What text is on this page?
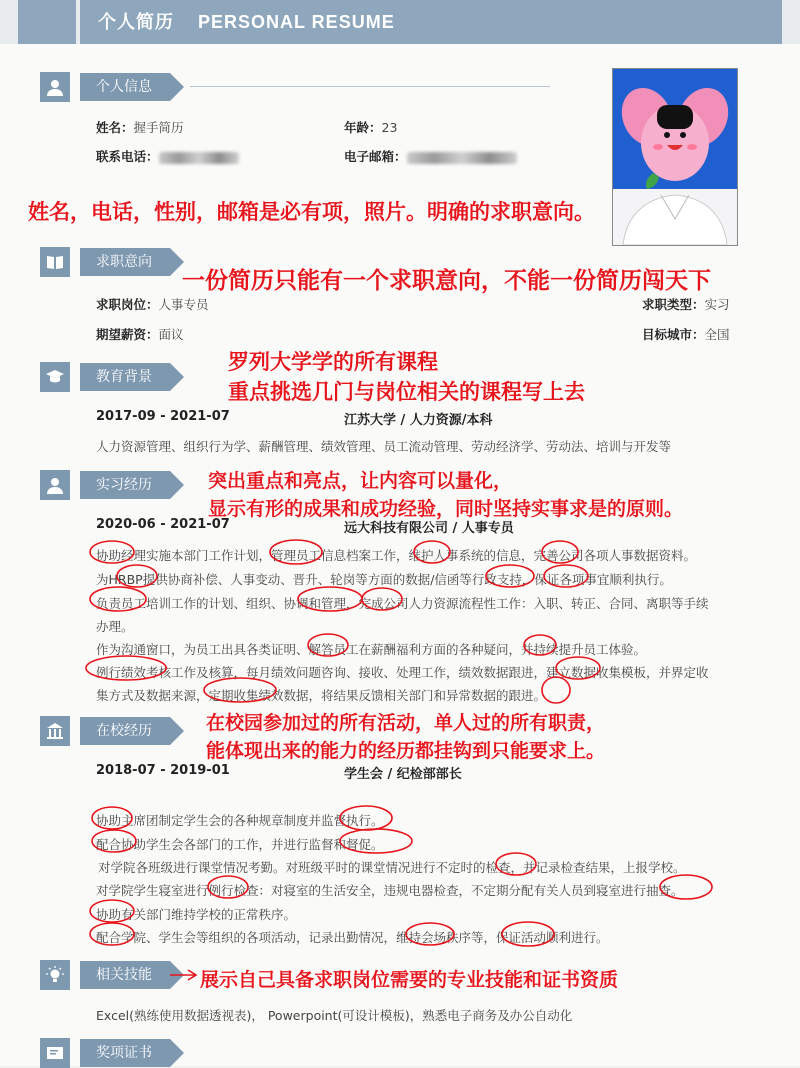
个人简历 PERSONAL RESUME
个人信息
姓名：握手简历	年龄：23
联系电话：	电子邮箱：
求职意向
求职岗位：人事专员	求职类型：实习
期望薪资：面议	目标城市：全国
教育背景
2017-09 - 2021-07	江苏大学 / 人力资源/本科
人力资源管理、组织行为学、薪酬管理、绩效管理、员工流动管理、劳动经济学、劳动法、培训与开发等
实习经历
2020-06 - 2021-07	远大科技有限公司 / 人事专员
协助经理实施本部门工作计划，管理员工信息档案工作，维护人事系统的信息，完善公司各项人事数据资料。
为HRBP提供协商补偿、人事变动、晋升、轮岗等方面的数据/信函等行政支持，保证各项事宜顺利执行。
负责员工培训工作的计划、组织、协调和管理，完成公司人力资源流程性工作：入职、转正、合同、离职等手续
办理。
作为沟通窗口，为员工出具各类证明、解答员工在薪酬福利方面的各种疑问，并持续提升员工体验。
例行绩效考核工作及核算，每月绩效问题咨询、接收、处理工作，绩效数据跟进，建立数据收集模板，并界定收
集方式及数据来源，定期收集绩效数据，将结果反馈相关部门和异常数据的跟进。
在校经历
2018-07 - 2019-01	学生会 / 纪检部部长
协助主席团制定学生会的各种规章制度并监督执行。
配合协助学生会各部门的工作，并进行监督和督促。
对学院各班级进行课堂情况考勤。对班级平时的课堂情况进行不定时的检查，并记录检查结果，上报学校。
对学院学生寝室进行例行检查：对寝室的生活安全，违规电器检查，不定期分配有关人员到寝室进行抽查。
协助有关部门维持学校的正常秩序。
配合学院、学生会等组织的各项活动，记录出勤情况，维持会场秩序等，保证活动顺利进行。
相关技能
Excel(熟练使用数据透视表)， Powerpoint(可设计模板)，熟悉电子商务及办公自动化
奖项证书
姓名，电话，性别，邮箱是必有项，照片。明确的求职意向。
一份简历只能有一个求职意向，不能一份简历闯天下
罗列大学学的所有课程
重点挑选几门与岗位相关的课程写上去
突出重点和亮点，让内容可以量化，
显示有形的成果和成功经验，同时坚持实事求是的原则。
在校园参加过的所有活动，单人过的所有职责，
能体现出来的能力的经历都挂钩到只能要求上。
展示自己具备求职岗位需要的专业技能和证书资质
